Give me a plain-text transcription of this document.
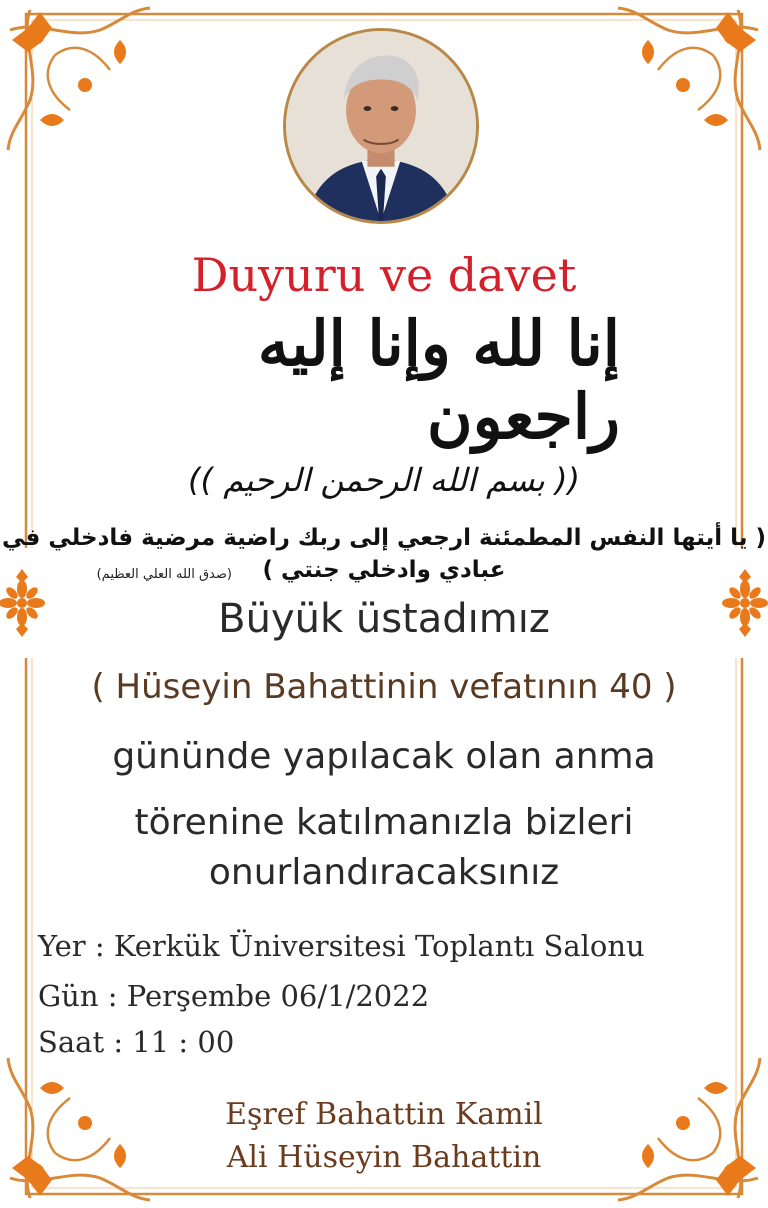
Duyuru ve davet
إنا لله وإنا إليه راجعون
(( بسم الله الرحمن الرحيم ))
( يا أيتها النفس المطمئنة ارجعي إلى ربك راضية مرضية فادخلي في عبادي وادخلي جنتي )
(صدق الله العلي العظيم)
Büyük üstadımız
( Hüseyin Bahattinin vefatının 40 )
gününde yapılacak olan anma
törenine katılmanızla bizleri
onurlandıracaksınız
Yer : Kerkük Üniversitesi Toplantı Salonu
Gün : Perşembe 06/1/2022
Saat : 11 : 00
Eşref Bahattin Kamil
Ali Hüseyin Bahattin
